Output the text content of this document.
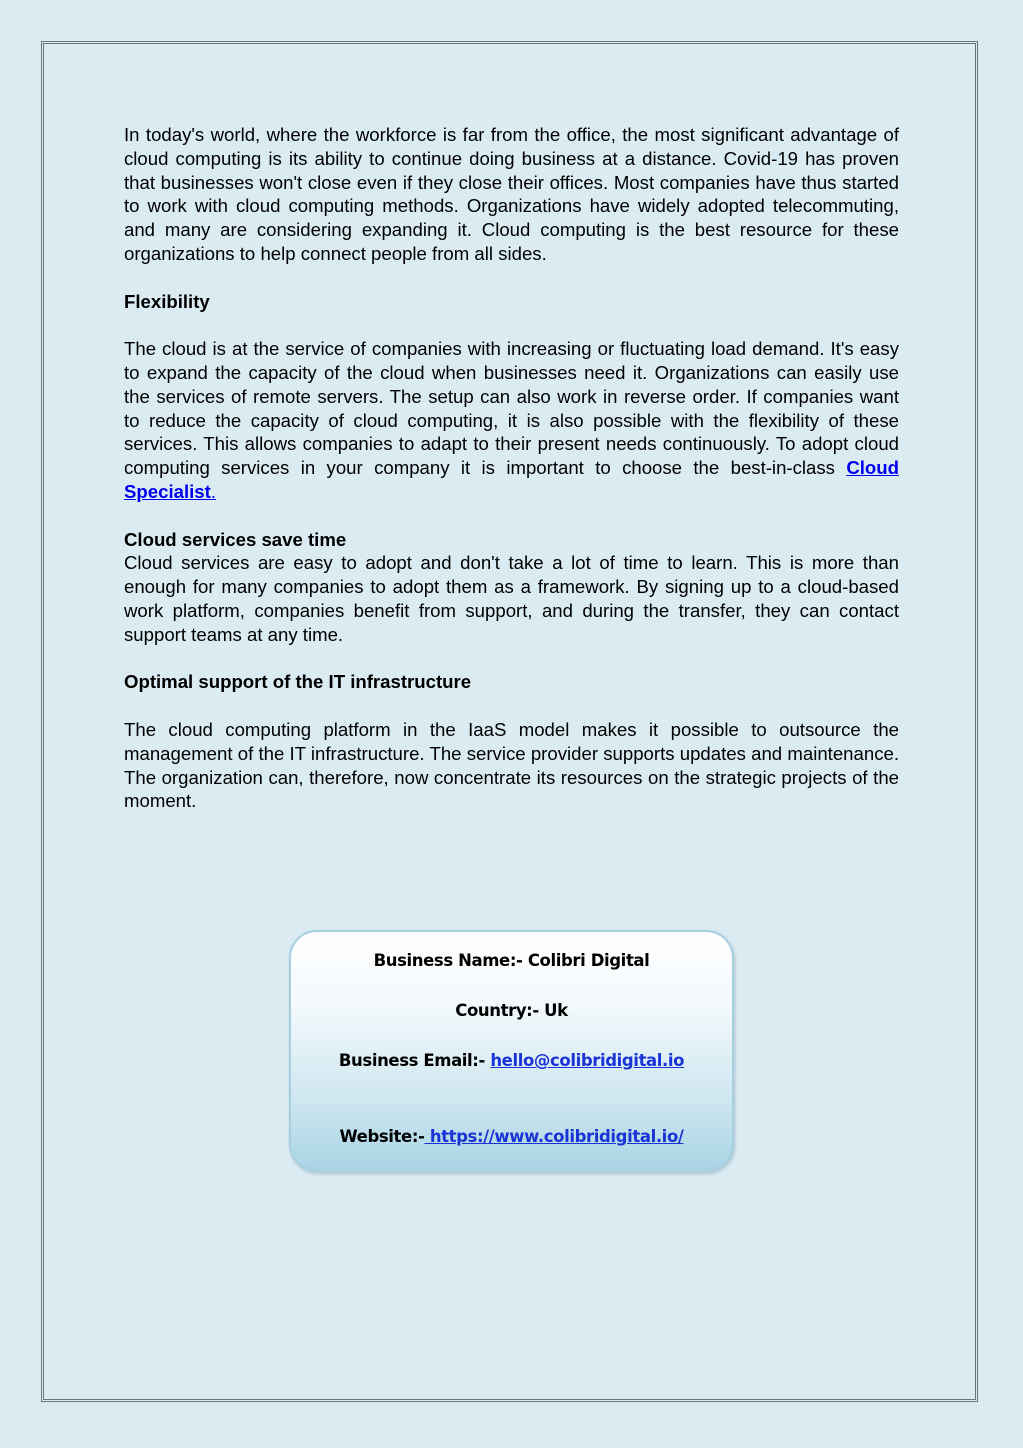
In today's world, where the workforce is far from the office, the most significant advantage of cloud computing is its ability to continue doing business at a distance. Covid-19 has proven that businesses won't close even if they close their offices. Most companies have thus started to work with cloud computing methods. Organizations have widely adopted telecommuting, and many are considering expanding it. Cloud computing is the best resource for these organizations to help connect people from all sides.

Flexibility

The cloud is at the service of companies with increasing or fluctuating load demand. It's easy to expand the capacity of the cloud when businesses need it. Organizations can easily use the services of remote servers. The setup can also work in reverse order. If companies want to reduce the capacity of cloud computing, it is also possible with the flexibility of these services. This allows companies to adapt to their present needs continuously. To adopt cloud computing services in your company it is important to choose the best-in-class Cloud Specialist.

Cloud services save time

Cloud services are easy to adopt and don't take a lot of time to learn. This is more than enough for many companies to adopt them as a framework. By signing up to a cloud-based work platform, companies benefit from support, and during the transfer, they can contact support teams at any time.

Optimal support of the IT infrastructure

The cloud computing platform in the IaaS model makes it possible to outsource the management of the IT infrastructure. The service provider supports updates and maintenance. The organization can, therefore, now concentrate its resources on the strategic projects of the moment.

Business Name:- Colibri Digital
Country:- Uk
Business Email:- hello@colibridigital.io
Website:- https://www.colibridigital.io/
